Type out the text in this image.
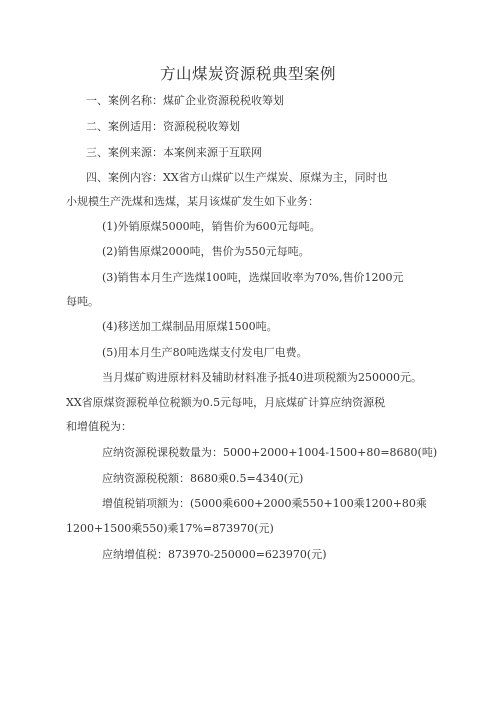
方山煤炭资源税典型案例
一、案例名称：煤矿企业资源税税收筹划
二、案例适用：资源税税收筹划
三、案例来源：本案例来源于互联网
四、案例内容：XX省方山煤矿以生产煤炭、原煤为主，同时也
小规模生产洗煤和选煤，某月该煤矿发生如下业务：
(1)外销原煤5000吨，销售价为600元每吨。
(2)销售原煤2000吨，售价为550元每吨。
(3)销售本月生产选煤100吨，选煤回收率为70%,售价1200元
每吨。
(4)移送加工煤制品用原煤1500吨。
(5)用本月生产80吨选煤支付发电厂电费。
当月煤矿购进原材料及辅助材料准予抵40进项税额为250000元。
XX省原煤资源税单位税额为0.5元每吨，月底煤矿计算应纳资源税
和增值税为：
应纳资源税课税数量为：5000+2000+1004-1500+80=8680(吨)
应纳资源税税额：8680乘0.5=4340(元)
增值税销项额为：(5000乘600+2000乘550+100乘1200+80乘
1200+1500乘550)乘17%=873970(元)
应纳增值税：873970-250000=623970(元)
